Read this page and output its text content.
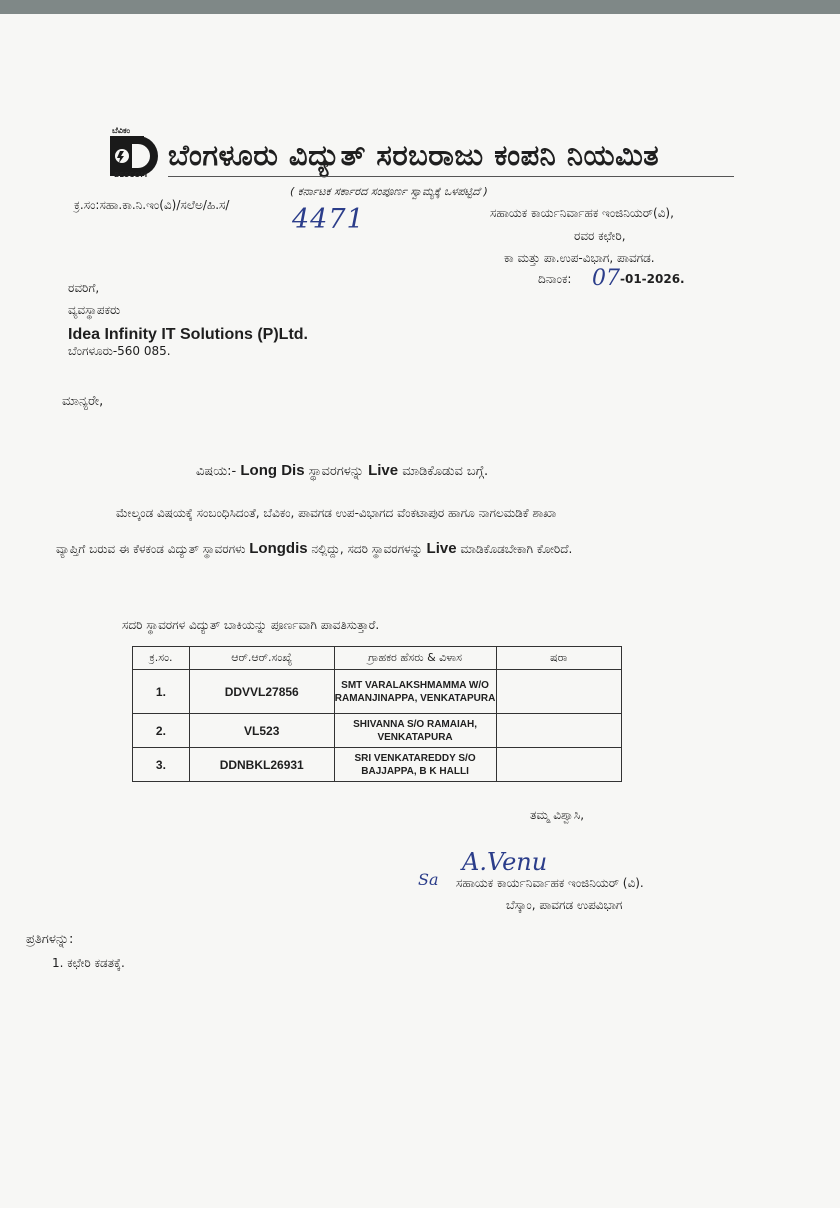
ಬೆವಿಕಂ
BESCOM
ಬೆಂಗಳೂರು ವಿದ್ಯುತ್ ಸರಬರಾಜು ಕಂಪನಿ ನಿಯಮಿತ
( ಕರ್ನಾಟಕ ಸರ್ಕಾರದ ಸಂಪೂರ್ಣ ಸ್ವಾಮ್ಯಕ್ಕೆ ಒಳಪಟ್ಟಿದೆ )
ಕ್ರ.ಸಂ:ಸಹಾ.ಕಾ.ನಿ.ಇಂ(ವಿ)/ಸಲೆಅ/ಹಿ.ಸ/ 4471	ಸಹಾಯಕ ಕಾರ್ಯನಿರ್ವಾಹಕ ಇಂಜಿನಿಯರ್(ವಿ),
ರವರ ಕಛೇರಿ,
ಕಾ ಮತ್ತು ಪಾ.ಉಪ-ವಿಭಾಗ, ಪಾವಗಡ.
ದಿನಾಂಕ: 07 -01-2026.
ರವರಿಗೆ,
ವ್ಯವಸ್ಥಾಪಕರು
Idea Infinity IT Solutions (P)Ltd.
ಬೆಂಗಳೂರು-560 085.
ಮಾನ್ಯರೇ,
ವಿಷಯ:- Long Dis ಸ್ಥಾವರಗಳನ್ನು Live ಮಾಡಿಕೊಡುವ ಬಗ್ಗೆ.
ಮೇಲ್ಕಂಡ ವಿಷಯಕ್ಕೆ ಸಂಬಂಧಿಸಿದಂತೆ, ಬೆವಿಕಂ, ಪಾವಗಡ ಉಪ-ವಿಭಾಗದ ವೆಂಕಟಾಪುರ ಹಾಗೂ ನಾಗಲಮಡಿಕೆ ಶಾಖಾ
ವ್ಯಾಪ್ತಿಗೆ ಬರುವ ಈ ಕೆಳಕಂಡ ವಿದ್ಯುತ್ ಸ್ಥಾವರಗಳು Longdis ನಲ್ಲಿದ್ದು, ಸದರಿ ಸ್ಥಾವರಗಳನ್ನು Live ಮಾಡಿಕೊಡಬೇಕಾಗಿ ಕೋರಿದೆ.
ಸದರಿ ಸ್ಥಾವರಗಳ ವಿದ್ಯುತ್ ಬಾಕಿಯನ್ನು ಪೂರ್ಣವಾಗಿ ಪಾವತಿಸುತ್ತಾರೆ.
ಕ್ರ.ಸಂ.	ಆರ್.ಆರ್.ಸಂಖ್ಯೆ	ಗ್ರಾಹಕರ ಹೆಸರು & ವಿಳಾಸ	ಷರಾ
1.	DDVVL27856	SMT VARALAKSHMAMMA W/O RAMANJINAPPA, VENKATAPURA	
2.	VL523	SHIVANNA S/O RAMAIAH, VENKATAPURA	
3.	DDNBKL26931	SRI VENKATAREDDY S/O BAJJAPPA, B K HALLI	
ತಮ್ಮ ವಿಶ್ವಾಸಿ,
Sa
A.Venu
ಸಹಾಯಕ ಕಾರ್ಯನಿರ್ವಾಹಕ ಇಂಜಿನಿಯರ್ (ವಿ).
ಬೆಸ್ಕಾಂ, ಪಾವಗಡ ಉಪವಿಭಾಗ
ಪ್ರತಿಗಳನ್ನು:
1. ಕಛೇರಿ ಕಡತಕ್ಕೆ.
